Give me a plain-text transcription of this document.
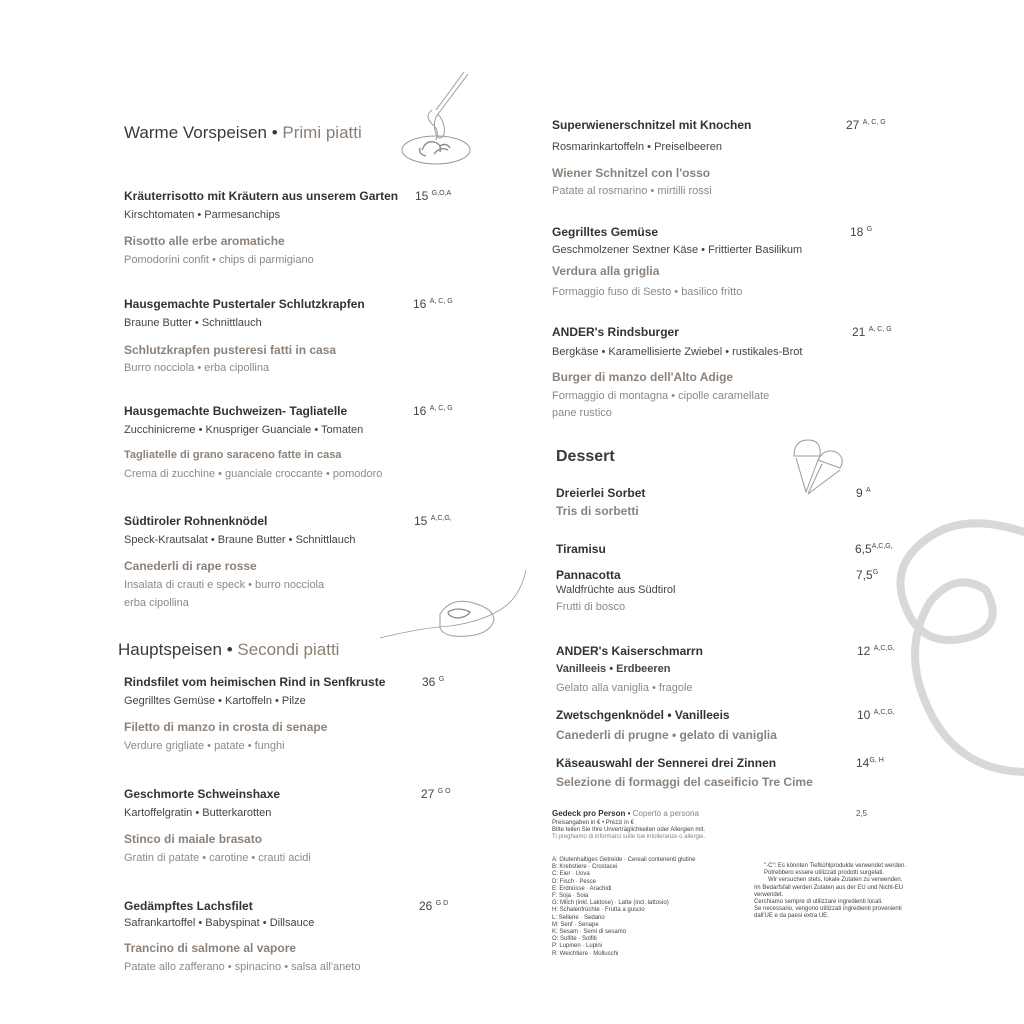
Warme Vorspeisen • Primi piatti
Kräuterrisotto mit Kräutern aus unserem Garten 15 $^{G,O,A}$
Kirschtomaten • Parmesanchips
Risotto alle erbe aromatiche
Pomodorini confit • chips di parmigiano
Hausgemachte Pustertaler Schlutzkrapfen	16 $^{A, C, G}$
Braune Butter • Schnittlauch
Schlutzkrapfen pusteresi fatti in casa
Burro nocciola • erba cipollina
Hausgemachte Buchweizen- Tagliatelle	16 $^{A, C, G}$
Zucchinicreme • Knuspriger Guanciale • Tomaten
Tagliatelle di grano saraceno fatte in casa
Crema di zucchine • guanciale croccante • pomodoro
Südtiroler Rohnenknödel	15 $^{A,C,G,}$
Speck-Krautsalat • Braune Butter • Schnittlauch
Canederli di rape rosse
Insalata di crauti e speck • burro nocciola
erba cipollina
Hauptspeisen • Secondi piatti
Rindsfilet vom heimischen Rind in Senfkruste	36 $^G$
Gegrilltes Gemüse • Kartoffeln • Pilze
Filetto di manzo in crosta di senape
Verdure grigliate • patate • funghi
Geschmorte Schweinshaxe	27 $^{G O}$
Kartoffelgratin • Butterkarotten
Stinco di maiale brasato
Gratin di patate • carotine • crauti acidi
Gedämpftes Lachsfilet	26 $^{G D}$
Safrankartoffel • Babyspinat • Dillsauce
Trancino di salmone al vapore
Patate allo zafferano • spinacino • salsa all'aneto
Superwienerschnitzel mit Knochen	27 $^{A, C, G}$
Rosmarinkartoffeln • Preiselbeeren
Wiener Schnitzel con l'osso
Patate al rosmarino • mirtilli rossi
Gegrilltes Gemüse	18 $^G$
Geschmolzener Sextner Käse • Frittierter Basilikum
Verdura alla griglia
Formaggio fuso di Sesto • basilico fritto
ANDER's Rindsburger	21 $^{A, C, G}$
Bergkäse • Karamellisierte Zwiebel • rustikales-Brot
Burger di manzo dell'Alto Adige
Formaggio di montagna • cipolle caramellate
pane rustico
Dessert
Dreierlei Sorbet	9 $^A$
Tris di sorbetti
Tiramisu	$6,5^{A,C,G,}$
Pannacotta	$7,5^G$
Waldfrüchte aus Südtirol
Frutti di bosco
ANDER's Kaiserschmarrn	12 $^{A,C,G,}$
Vanilleeis • Erdbeeren
Gelato alla vaniglia • fragole
Zwetschgenknödel • Vanilleeis	10 $^{A,C,G,}$
Canederli di prugne • gelato di vaniglia
Käseauswahl der Sennerei drei Zinnen	$14^{G, H}$
Selezione di formaggi del caseificio Tre Cime
Gedeck pro Person • Coperto a persona	2,5
Preisangaben in € • Prezzi in €
Bitte teilen Sie Ihre Unverträglichkeiten oder Allergien mit.
Ti preghiamo di informarci sulle tue intolleranze o allergie.
A: Glutenhaltiges Getreide · Cereali contenenti glutine
B: Krebstiere · Crostacei
C: Eier · Uova
D: Fisch · Pesce
E: Erdnüsse · Arachidi
F: Soja · Soia
G: Milch (inkl. Laktose) · Latte (incl. lattosio)
H: Schalenfrüchte · Frutta a guscio
L: Sellerie · Sedano
M: Senf · Senape
K: Sesam · Semi di sesamo
O: Sulfite · Solfiti
P: Lupinen · Lupini
R: Weichtiere · Molluschi
"-C": Es könnten Tiefkühlprodukte verwendet werden.
Potrebbero essere utilizzati prodotti surgelati.
Wir versuchen stets, lokale Zutaten zu verwenden.
Im Bedarfsfall werden Zutaten aus der EU und Nicht-EU
verwendet.
Cerchiamo sempre di utilizzare ingredienti locali.
Se necessario, vengono utilizzati ingredienti provenienti
dall'UE e da paesi extra UE.
